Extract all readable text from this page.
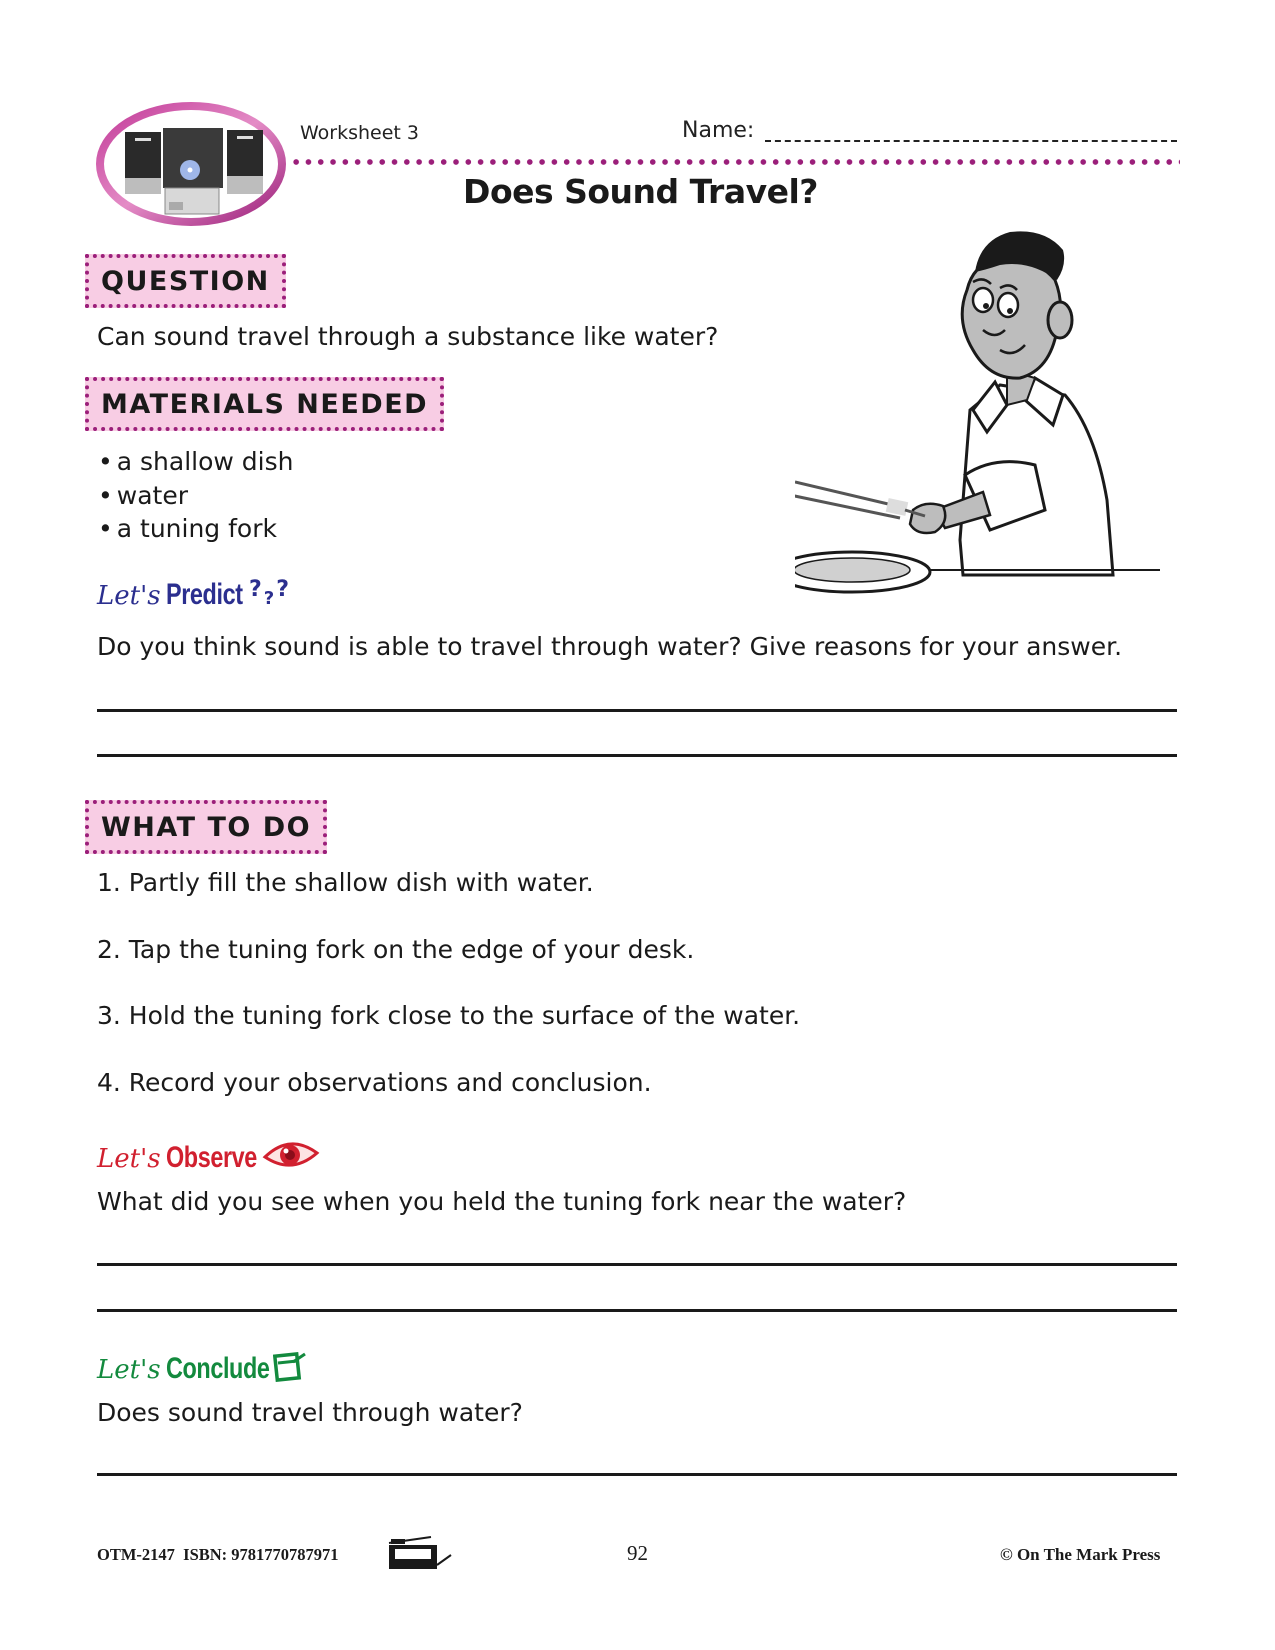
Worksheet 3	Name:
Does Sound Travel?
QUESTION
Can sound travel through a substance like water?
MATERIALS NEEDED
• a shallow dish
• water
• a tuning fork
Let's Predict $?_?$?
Do you think sound is able to travel through water? Give reasons for your answer.
WHAT TO DO
1. Partly fill the shallow dish with water.
2. Tap the tuning fork on the edge of your desk.
3. Hold the tuning fork close to the surface of the water.
4. Record your observations and conclusion.
Let's Observe
What did you see when you held the tuning fork near the water?
Let's Conclude
Does sound travel through water?
OTM-2147  ISBN: 9781770787971	92	© On The Mark Press
